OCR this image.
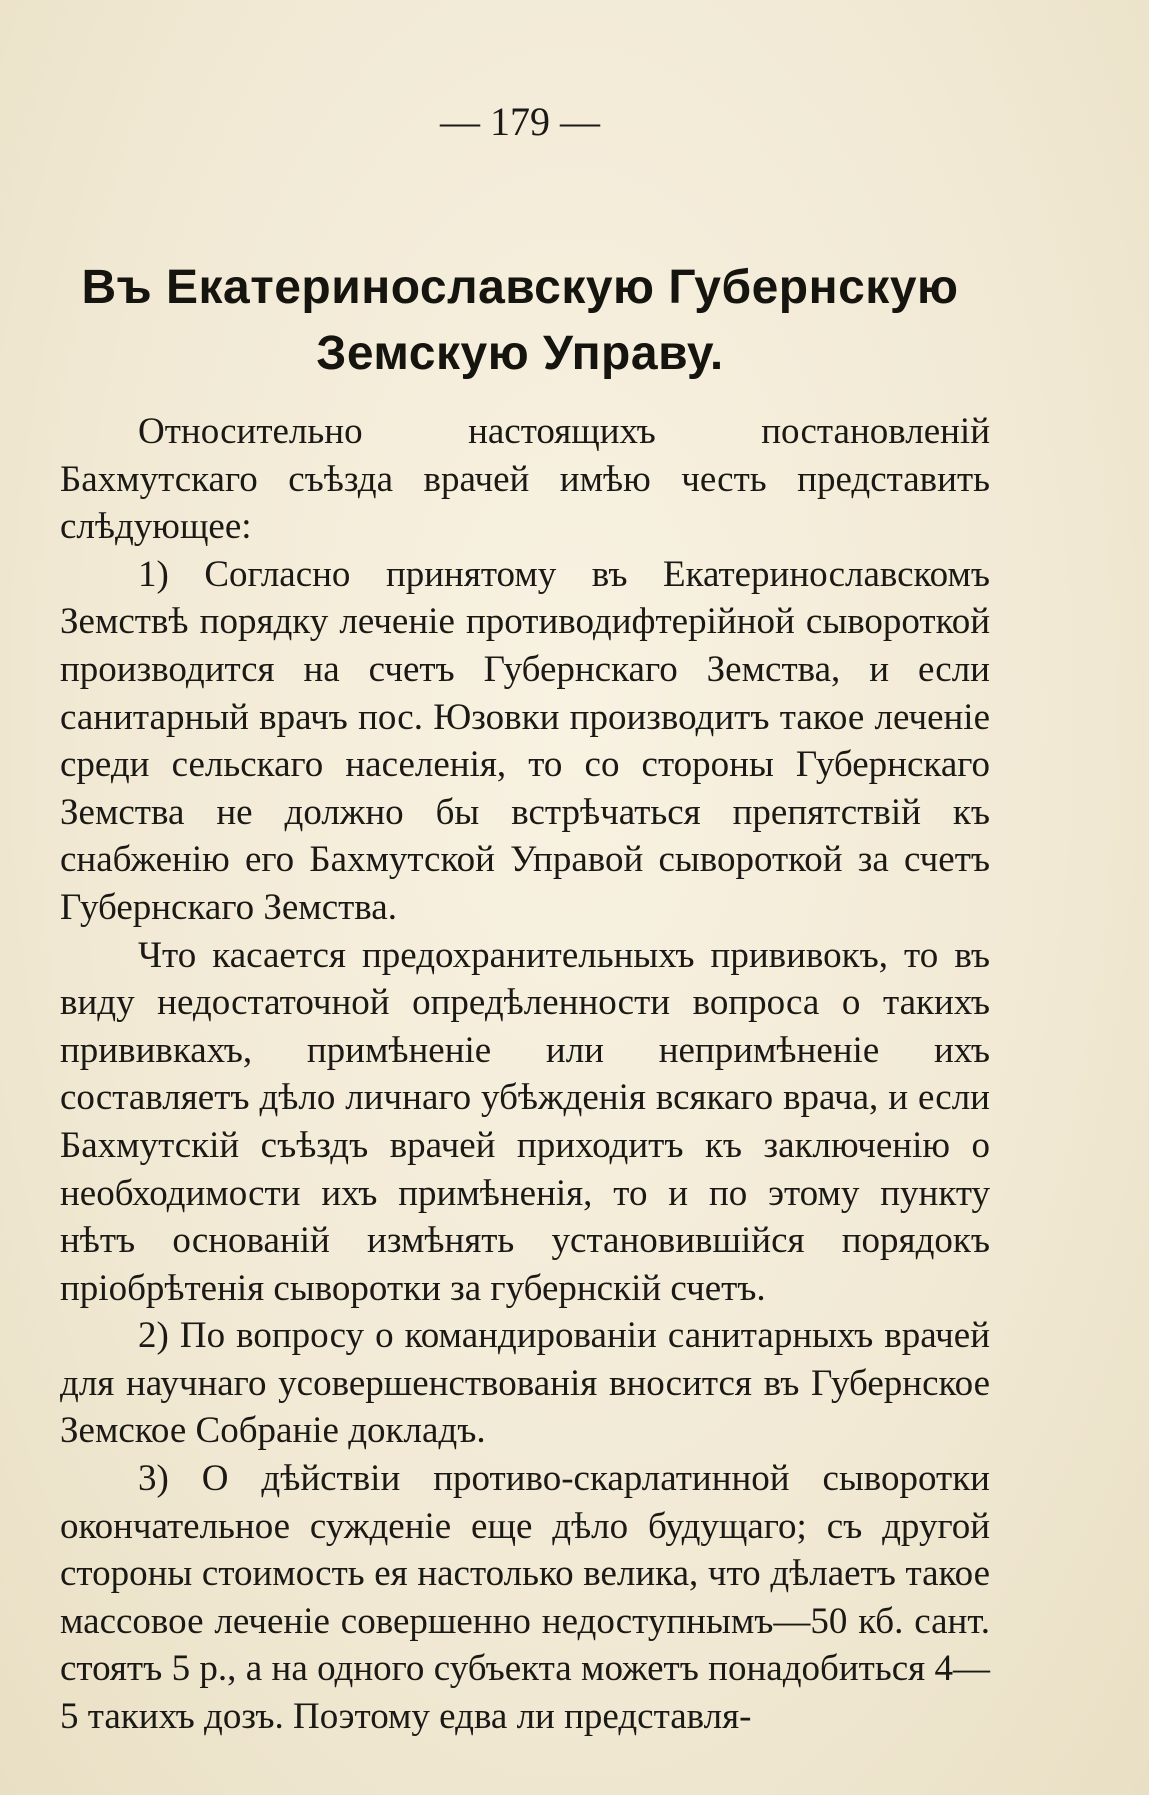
— 179 —
Въ Екатеринославскую Губернскую Земскую Управу.

Относительно настоящихъ постановленій Бахмутскаго съѣзда врачей имѣю честь представить слѣдующее:

1) Согласно принятому въ Екатеринославскомъ Земствѣ порядку леченіе противодифтерійной сывороткой производится на счетъ Губернскаго Земства, и если санитарный врачъ пос. Юзовки производитъ такое леченіе среди сельскаго населенія, то со стороны Губернскаго Земства не должно бы встрѣчаться препятствій къ снабженію его Бахмутской Управой сывороткой за счетъ Губернскаго Земства.

Что касается предохранительныхъ прививокъ, то въ виду недостаточной опредѣленности вопроса о такихъ прививкахъ, примѣненіе или непримѣненіе ихъ составляетъ дѣло личнаго убѣжденія всякаго врача, и если Бахмутскій съѣздъ врачей приходитъ къ заключенію о необходимости ихъ примѣненія, то и по этому пункту нѣтъ основаній измѣнять установившійся порядокъ пріобрѣтенія сыворотки за губернскій счетъ.

2) По вопросу о командированіи санитарныхъ врачей для научнаго усовершенствованія вносится въ Губернское Земское Собраніе докладъ.

3) О дѣйствіи противо-скарлатинной сыворотки окончательное сужденіе еще дѣло будущаго; съ другой стороны стоимость ея настолько велика, что дѣлаетъ такое массовое леченіе совершенно недоступнымъ—50 кб. сант. стоятъ 5 р., а на одного субъекта можетъ понадобиться 4—5 такихъ дозъ. Поэтому едва ли представля-
